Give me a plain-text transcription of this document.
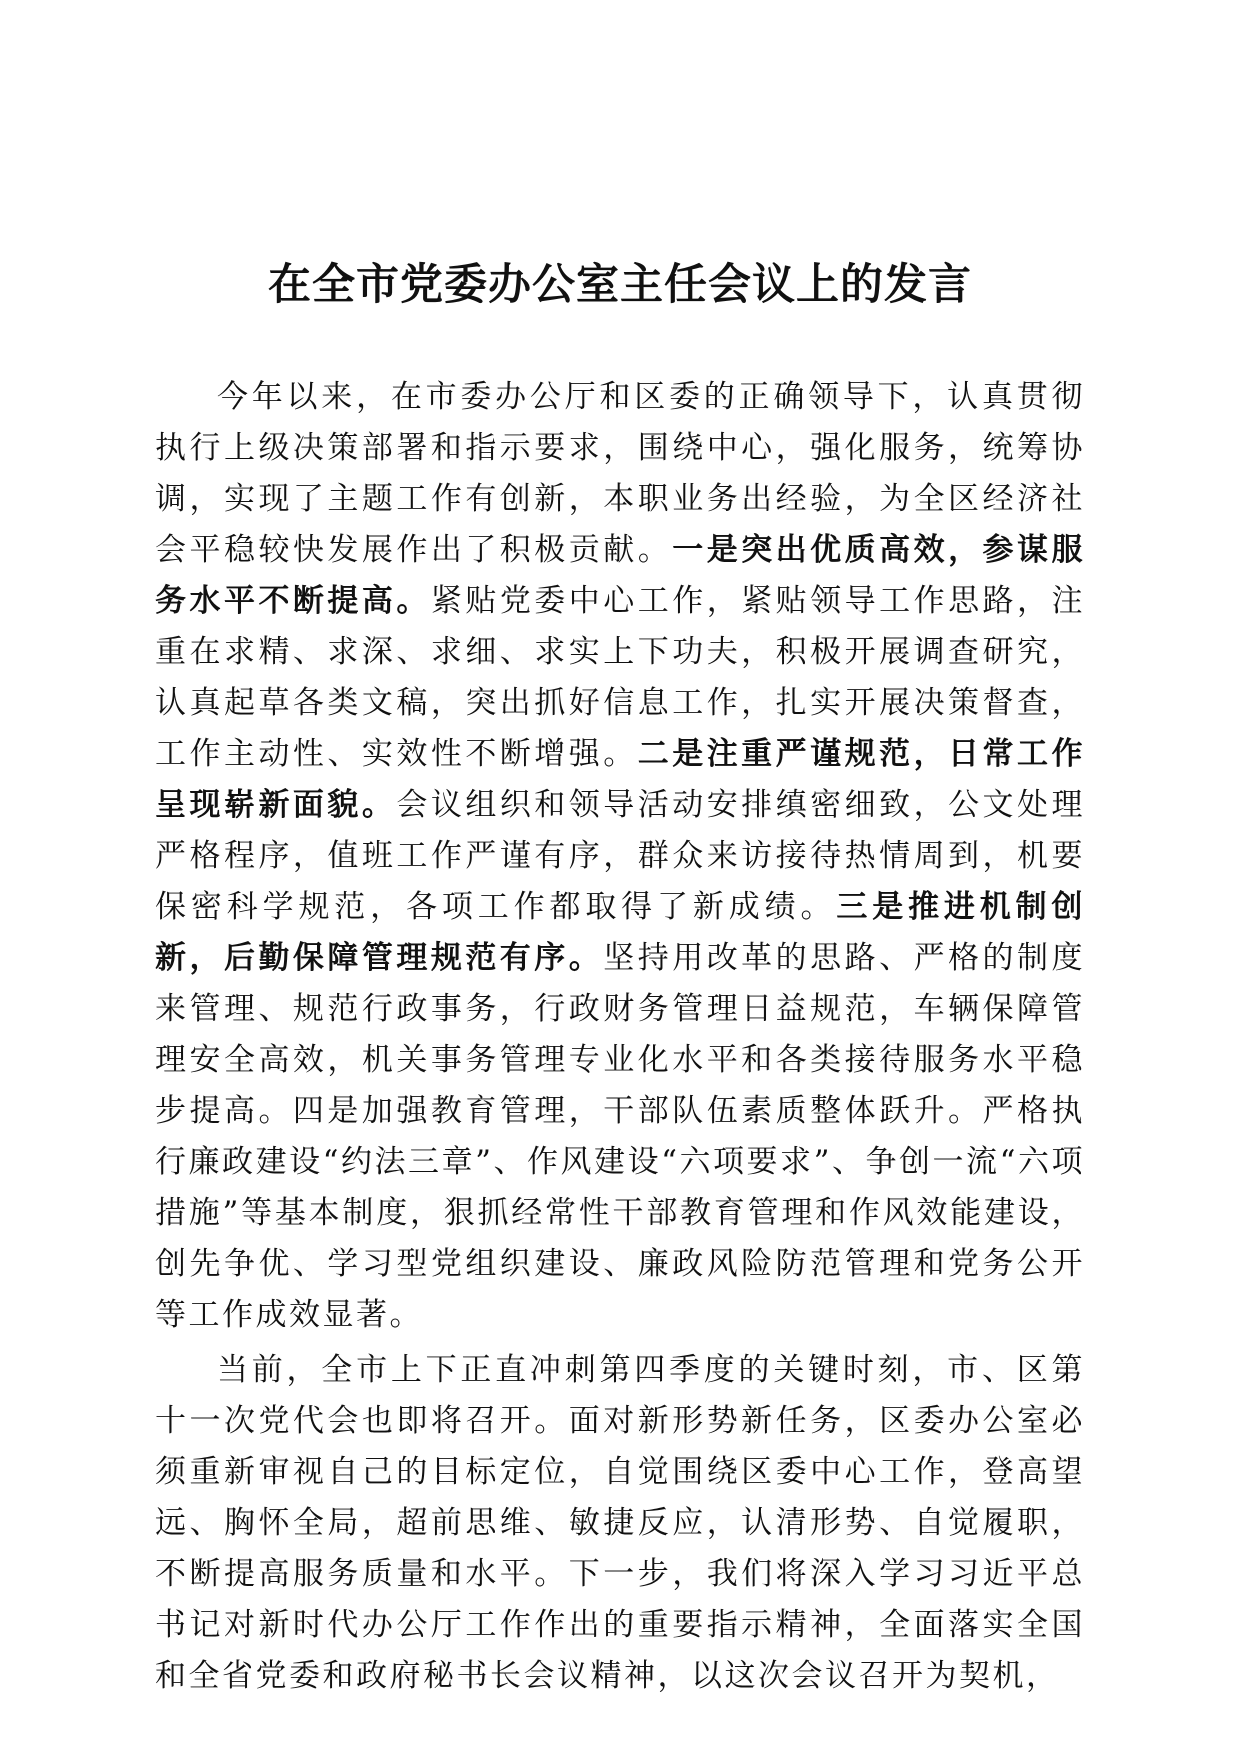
在全市党委办公室主任会议上的发言

今年以来，在市委办公厅和区委的正确领导下，认真贯彻执行上级决策部署和指示要求，围绕中心，强化服务，统筹协调，实现了主题工作有创新，本职业务出经验，为全区经济社会平稳较快发展作出了积极贡献。一是突出优质高效，参谋服务水平不断提高。紧贴党委中心工作，紧贴领导工作思路，注重在求精、求深、求细、求实上下功夫，积极开展调查研究，认真起草各类文稿，突出抓好信息工作，扎实开展决策督查，工作主动性、实效性不断增强。二是注重严谨规范，日常工作呈现崭新面貌。会议组织和领导活动安排缜密细致，公文处理严格程序，值班工作严谨有序，群众来访接待热情周到，机要保密科学规范，各项工作都取得了新成绩。三是推进机制创新，后勤保障管理规范有序。坚持用改革的思路、严格的制度来管理、规范行政事务，行政财务管理日益规范，车辆保障管理安全高效，机关事务管理专业化水平和各类接待服务水平稳步提高。四是加强教育管理，干部队伍素质整体跃升。严格执行廉政建设“约法三章”、作风建设“六项要求”、争创一流“六项措施”等基本制度，狠抓经常性干部教育管理和作风效能建设，创先争优、学习型党组织建设、廉政风险防范管理和党务公开等工作成效显著。

当前，全市上下正直冲刺第四季度的关键时刻，市、区第十一次党代会也即将召开。面对新形势新任务，区委办公室必须重新审视自己的目标定位，自觉围绕区委中心工作，登高望远、胸怀全局，超前思维、敏捷反应，认清形势、自觉履职，不断提高服务质量和水平。下一步，我们将深入学习习近平总书记对新时代办公厅工作作出的重要指示精神，全面落实全国和全省党委和政府秘书长会议精神，以这次会议召开为契机，
